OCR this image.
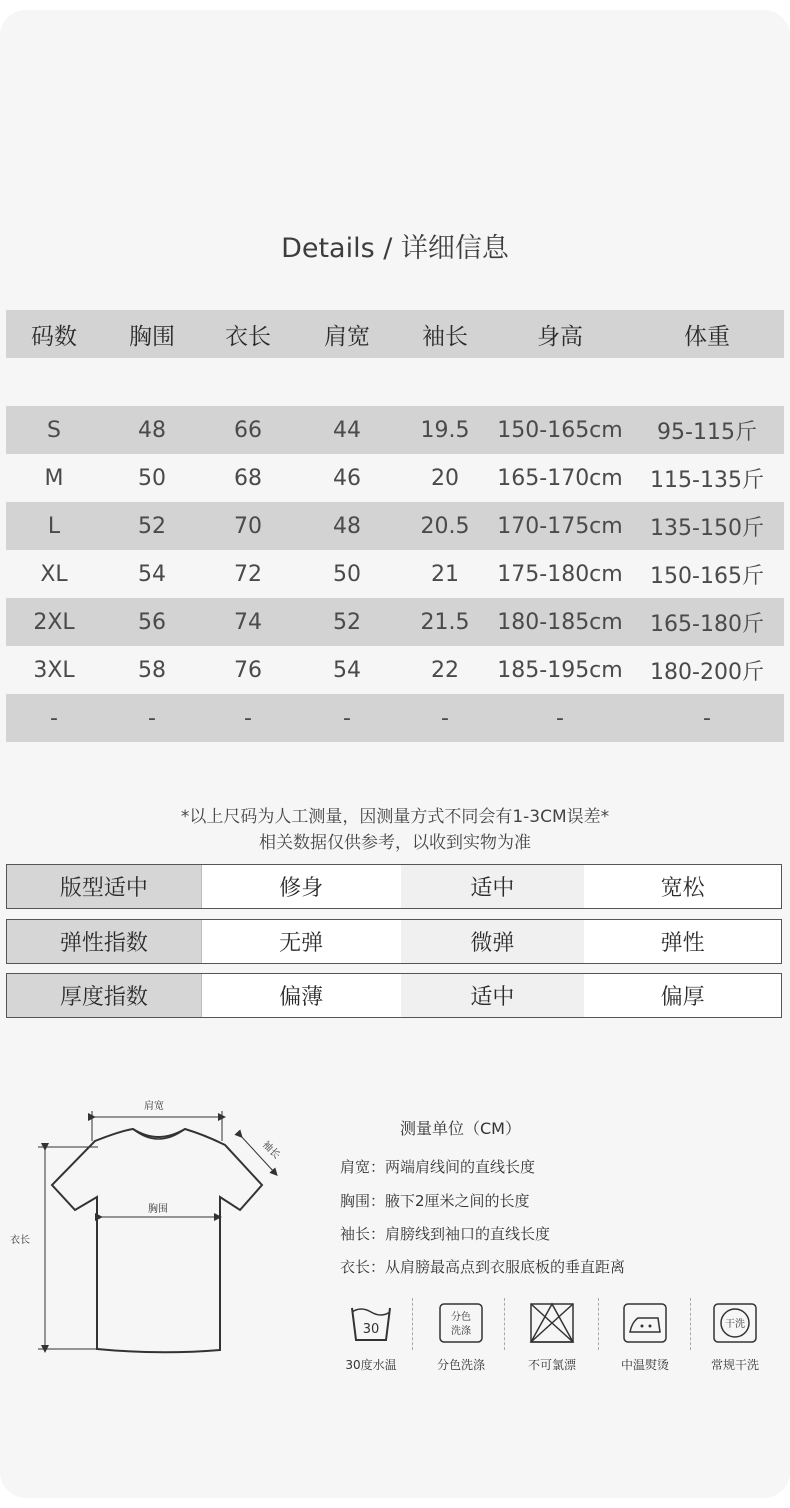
Details / 详细信息
码数	胸围	衣长	肩宽	袖长	身高	体重
S	48	66	44	19.5	150-165cm	95-115斤
M	50	68	46	20	165-170cm	115-135斤
L	52	70	48	20.5	170-175cm	135-150斤
XL	54	72	50	21	175-180cm	150-165斤
2XL	56	74	52	21.5	180-185cm	165-180斤
3XL	58	76	54	22	185-195cm	180-200斤
-	-	-	-	-	-	-
*以上尺码为人工测量，因测量方式不同会有1-3CM误差*
相关数据仅供参考，以收到实物为准
版型适中	修身	适中	宽松
弹性指数	无弹	微弹	弹性
厚度指数	偏薄	适中	偏厚
肩宽
袖长
胸围
衣长
测量单位（CM）
肩宽：两端肩线间的直线长度
胸围：腋下2厘米之间的长度
袖长：肩膀线到袖口的直线长度
衣长：从肩膀最高点到衣服底板的垂直距离
30
30度水温
分色
洗涤
分色洗涤	不可氯漂	中温熨烫
干洗
常规干洗
